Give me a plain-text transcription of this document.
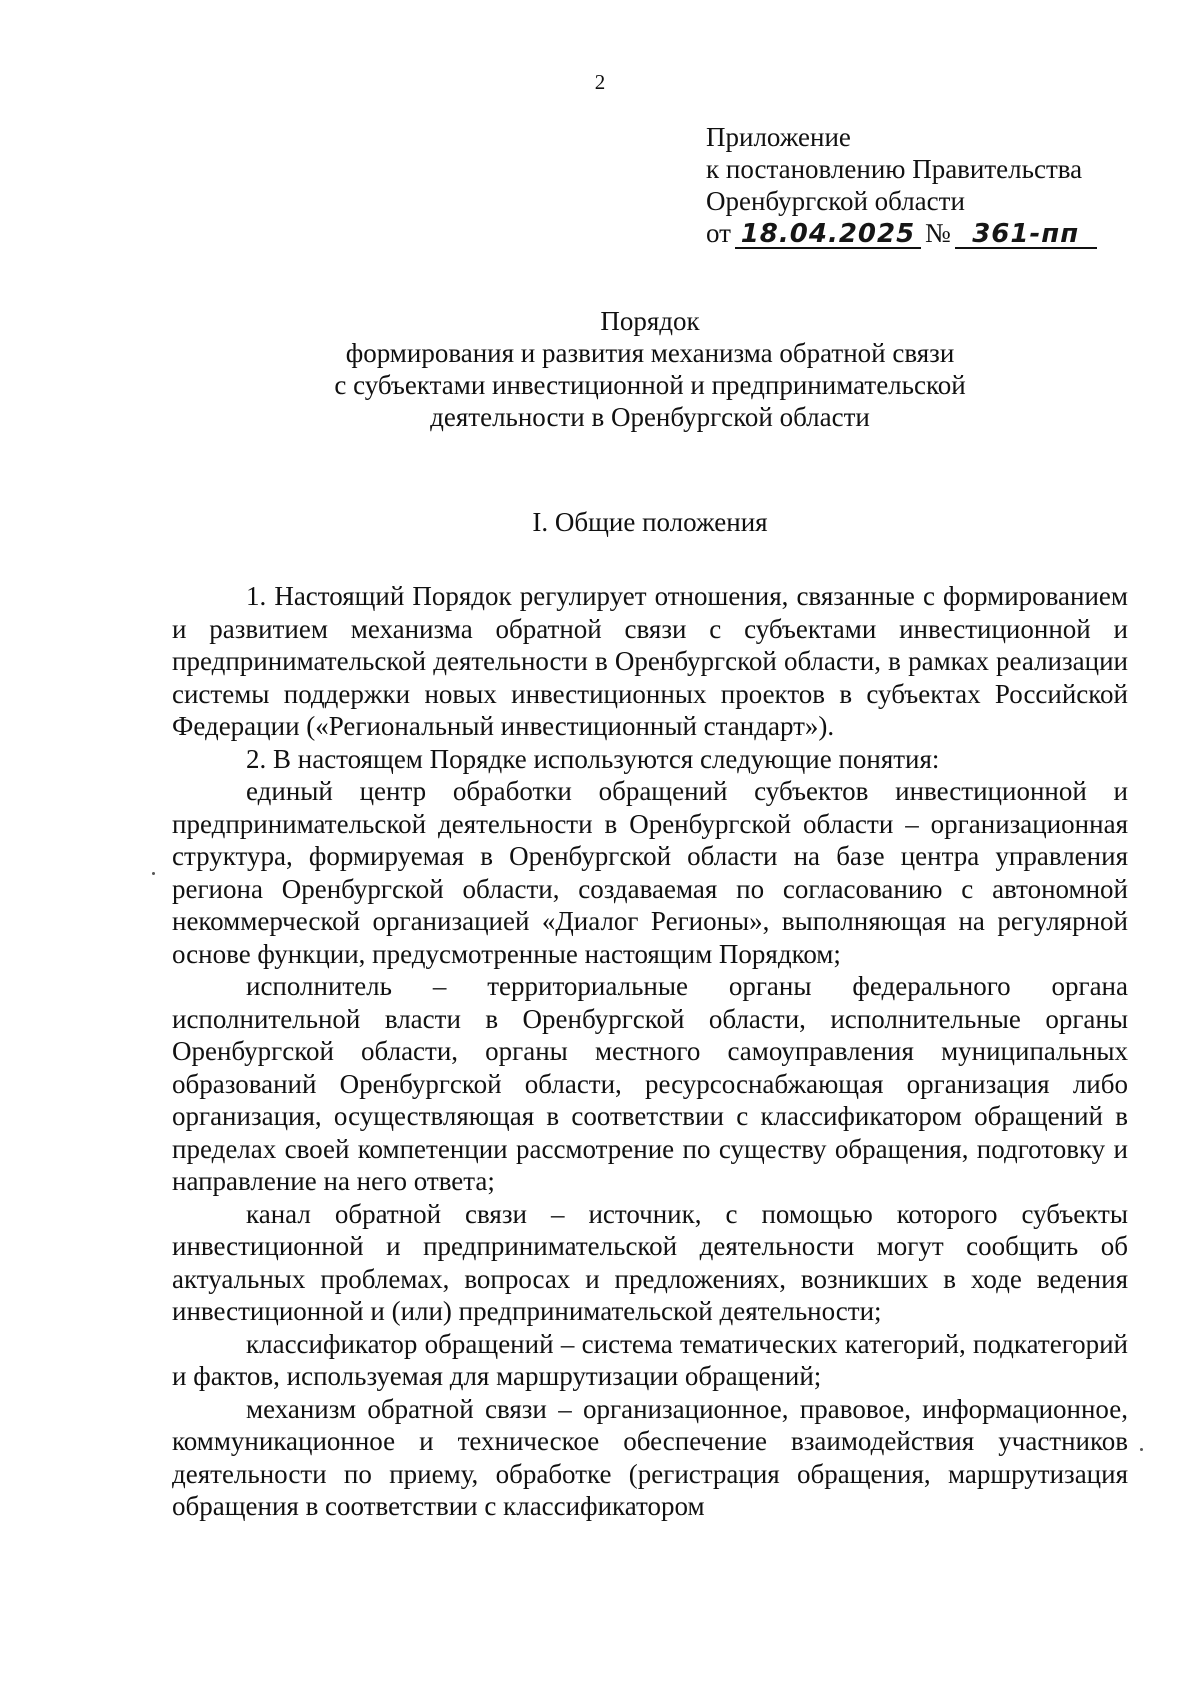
2
Приложение
к постановлению Правительства
Оренбургской области
от 18.04.2025 № 361-пп
Порядок
формирования и развития механизма обратной связи
с субъектами инвестиционной и предпринимательской
деятельности в Оренбургской области
I. Общие положения

1. Настоящий Порядок регулирует отношения, связанные с формированием и развитием механизма обратной связи с субъектами инвестиционной и предпринимательской деятельности в Оренбургской области, в рамках реализации системы поддержки новых инвестиционных проектов в субъектах Российской Федерации («Региональный инвестиционный стандарт»).

2. В настоящем Порядке используются следующие понятия:

единый центр обработки обращений субъектов инвестиционной и предпринимательской деятельности в Оренбургской области – организационная структура, формируемая в Оренбургской области на базе центра управления региона Оренбургской области, создаваемая по согласованию с автономной некоммерческой организацией «Диалог Регионы», выполняющая на регулярной основе функции, предусмотренные настоящим Порядком;

исполнитель – территориальные органы федерального органа исполнительной власти в Оренбургской области, исполнительные органы Оренбургской области, органы местного самоуправления муниципальных образований Оренбургской области, ресурсоснабжающая организация либо организация, осуществляющая в соответствии с классификатором обращений в пределах своей компетенции рассмотрение по существу обращения, подготовку и направление на него ответа;

канал обратной связи – источник, с помощью которого субъекты инвестиционной и предпринимательской деятельности могут сообщить об актуальных проблемах, вопросах и предложениях, возникших в ходе ведения инвестиционной и (или) предпринимательской деятельности;

классификатор обращений – система тематических категорий, подкатегорий и фактов, используемая для маршрутизации обращений;

механизм обратной связи – организационное, правовое, информационное, коммуникационное и техническое обеспечение взаимодействия участников деятельности по приему, обработке (регистрация обращения, маршрутизация обращения в соответствии с классификатором
